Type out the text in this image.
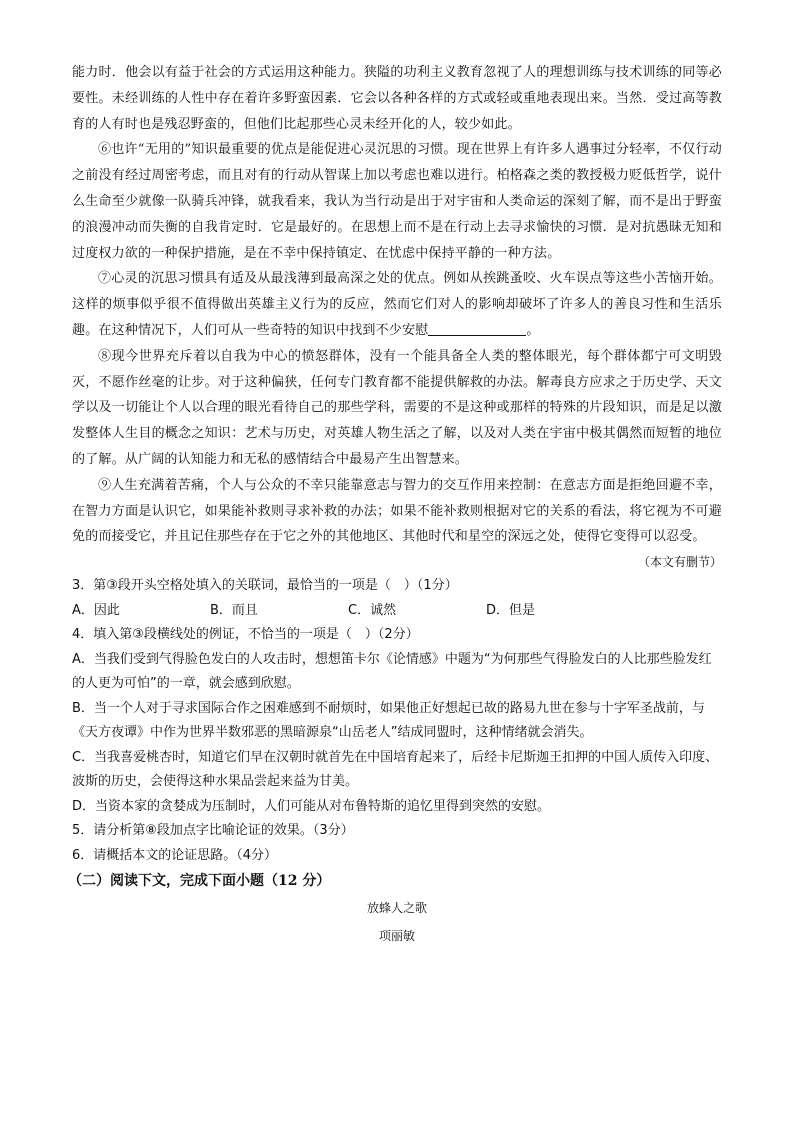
能力时．他会以有益于社会的方式运用这种能力。狭隘的功利主义教育忽视了人的理想训练与技术训练的同等必要性。未经训练的人性中存在着许多野蛮因素．它会以各种各样的方式或轻或重地表现出来。当然．受过高等教育的人有时也是残忍野蛮的，但他们比起那些心灵未经开化的人，较少如此。

⑥也许“无用的”知识最重要的优点是能促进心灵沉思的习惯。现在世界上有许多人遇事过分轻率，不仅行动之前没有经过周密考虑，而且对有的行动从智谋上加以考虑也难以进行。柏格森之类的教授极力贬低哲学，说什么生命至少就像一队骑兵冲锋，就我看来，我认为当行动是出于对宇宙和人类命运的深刻了解，而不是出于野蛮的浪漫冲动而失衡的自我肯定时．它是最好的。在思想上而不是在行动上去寻求愉快的习惯．是对抗愚昧无知和过度权力欲的一种保护措施，是在不幸中保持镇定、在忧虑中保持平静的一种方法。

⑦心灵的沉思习惯具有适及从最浅薄到最高深之处的优点。例如从挨跳蚤咬、火车误点等这些小苦恼开始。这样的烦事似乎很不值得做出英雄主义行为的反应，然而它们对人的影响却破坏了许多人的善良习性和生活乐趣。在这种情况下，人们可从一些奇特的知识中找到不少安慰	。

⑧现今世界充斥着以自我为中心的愤怒群体，没有一个能具备全人类的整体眼光，每个群体都宁可文明毁灭，不愿作丝毫的让步。对于这种偏狭，任何专门教育都不能提供解救的办法。解毒良方应求之于历史学、天文学以及一切能让个人以合理的眼光看待自己的那些学科，需要的不是这种或那样的特殊的片段知识，而是足以激发整体人生目的概念之知识：艺术与历史，对英雄人物生活之了解，以及对人类在宇宙中极其偶然而短暂的地位的了解。从广阔的认知能力和无私的感情结合中最易产生出智慧来。

⑨人生充满着苦痛，个人与公众的不幸只能靠意志与智力的交互作用来控制：在意志方面是拒绝回避不幸，在智力方面是认识它，如果能补救则寻求补救的办法；如果不能补救则根据对它的关系的看法，将它视为不可避免的而接受它，并且记住那些存在于它之外的其他地区、其他时代和星空的深远之处，使得它变得可以忍受。

（本文有删节）

3．第③段开头空格处填入的关联词，最恰当的一项是（　）（1分）

A．因此	B．而且	C．诚然	D．但是

4．填入第③段横线处的例证，不恰当的一项是（　）（2分）

A．当我们受到气得脸色发白的人攻击时，想想笛卡尔《论情感》中题为“为何那些气得脸发白的人比那些脸发红的人更为可怕”的一章，就会感到欣慰。

B．当一个人对于寻求国际合作之困难感到不耐烦时，如果他正好想起已故的路易九世在参与十字军圣战前，与《天方夜谭》中作为世界半数邪恶的黑暗源泉“山岳老人”结成同盟时，这种情绪就会消失。

C．当我喜爱桃杏时，知道它们早在汉朝时就首先在中国培育起来了，后经卡尼斯迦王扣押的中国人质传入印度、波斯的历史，会使得这种水果品尝起来益为甘美。

D．当资本家的贪婪成为压制时，人们可能从对布鲁特斯的追忆里得到突然的安慰。

5．请分析第⑧段加点字比喻论证的效果。（3分）

6．请概括本文的论证思路。（4分）

（二）阅读下文，完成下面小题（12 分）

放蜂人之歌

项丽敏
